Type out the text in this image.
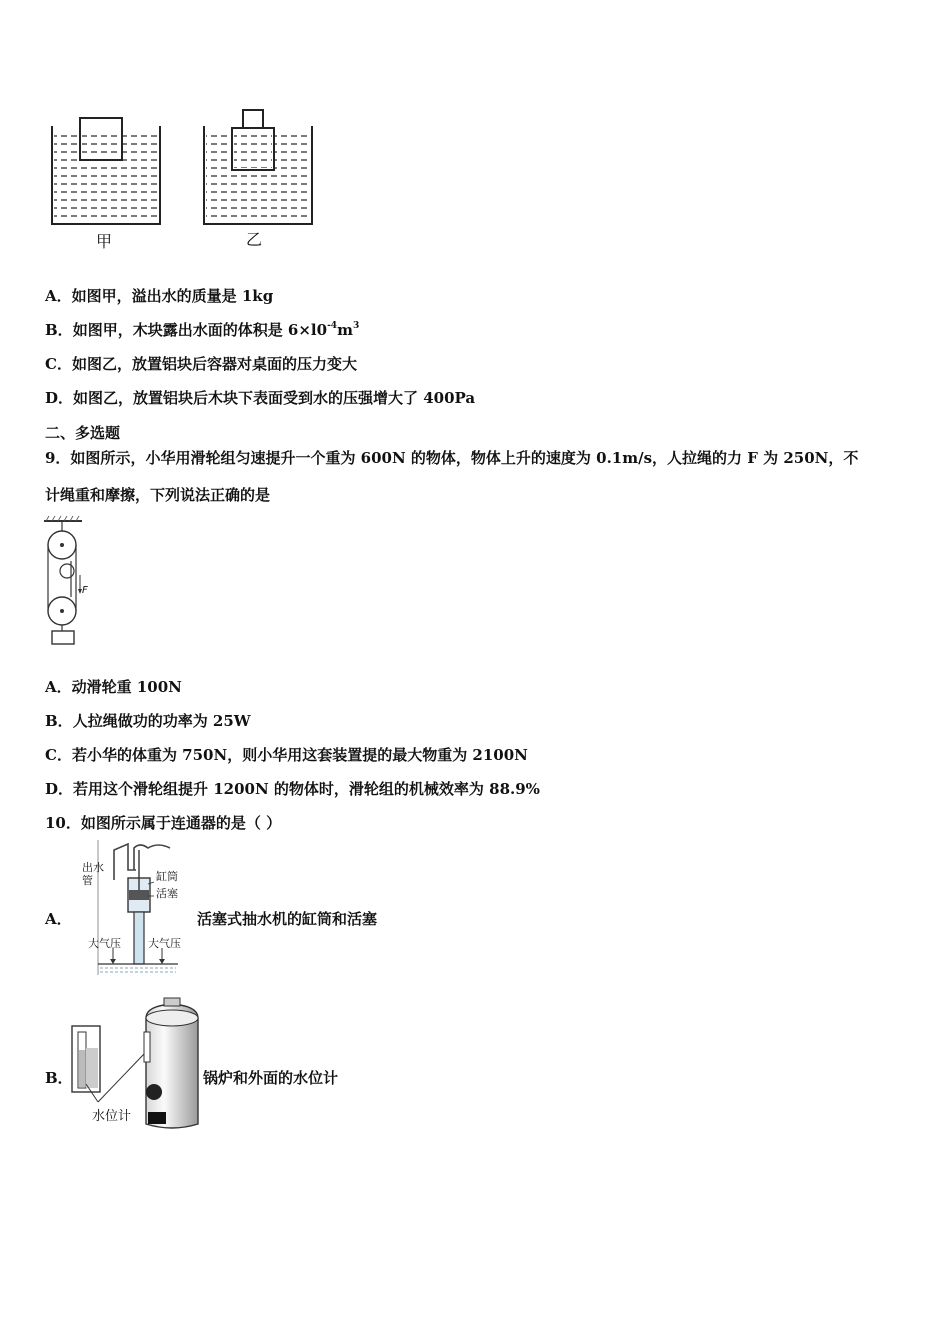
甲	乙
A．如图甲，溢出水的质量是 1kg
B．如图甲，木块露出水面的体积是 $6\times l0^{-4}m^3$
C．如图乙，放置铝块后容器对桌面的压力变大
D．如图乙，放置铝块后木块下表面受到水的压强增大了 400Pa
二、多选题
9．如图所示，小华用滑轮组匀速提升一个重为 600N 的物体，物体上升的速度为 0.1m/s，人拉绳的力 F 为 250N，不
计绳重和摩擦，下列说法正确的是
F
A．动滑轮重 100N
B．人拉绳做功的功率为 25W
C．若小华的体重为 750N，则小华用这套装置提的最大物重为 2100N
D．若用这个滑轮组提升 1200N 的物体时，滑轮组的机械效率为 88.9%
10．如图所示属于连通器的是（ ）
出水
管	缸筒
活塞
大气压 大气压
A．	活塞式抽水机的缸筒和活塞
水位计
B．	锅炉和外面的水位计
